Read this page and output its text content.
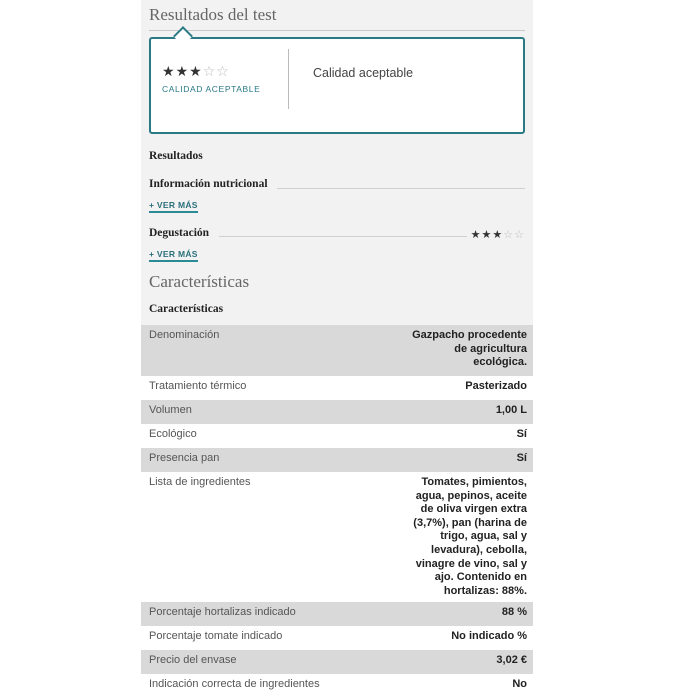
Resultados del test
★★★☆☆
CALIDAD ACEPTABLE
Calidad aceptable
Resultados
Información nutricional
+ VER MÁS
Degustación	★★★☆☆
+ VER MÁS
Características
Características
Denominación	Gazpacho procedente de agricultura ecológica.
Tratamiento térmico	Pasterizado
Volumen	1,00 L
Ecológico	Sí
Presencia pan	Sí
Lista de ingredientes	Tomates, pimientos, agua, pepinos, aceite de oliva virgen extra (3,7%), pan (harina de trigo, agua, sal y levadura), cebolla, vinagre de vino, sal y ajo. Contenido en hortalizas: 88%.
Porcentaje hortalizas indicado	88 %
Porcentaje tomate indicado	No indicado %
Precio del envase	3,02 €
Indicación correcta de ingredientes	No
